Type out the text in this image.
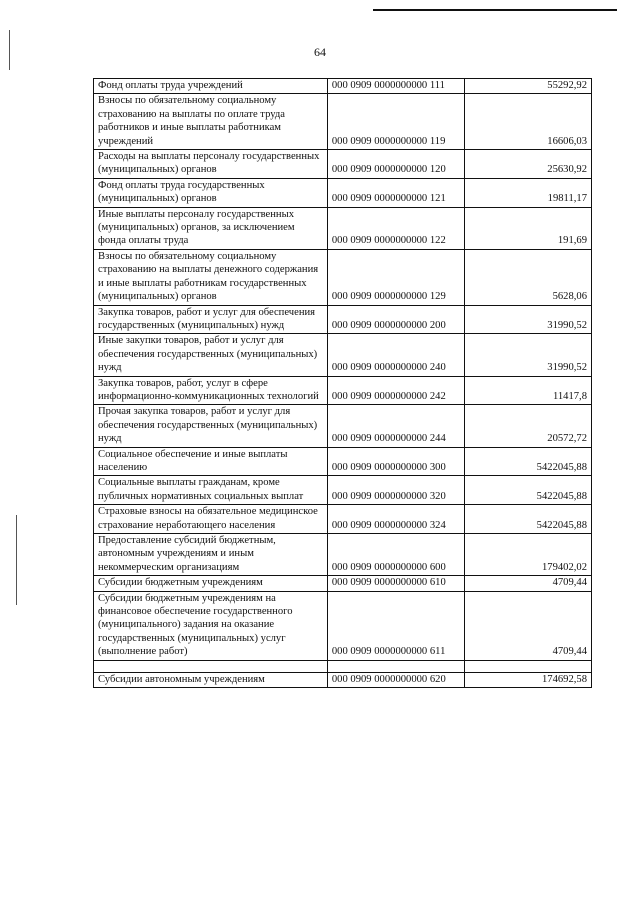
64
Фонд оплаты труда учреждений	000 0909 0000000000 111	55292,92
Взносы по обязательному социальному страхованию на выплаты по оплате труда работников и иные выплаты работникам учреждений	000 0909 0000000000 119	16606,03
Расходы на выплаты персоналу государственных (муниципальных) органов	000 0909 0000000000 120	25630,92
Фонд оплаты труда государственных (муниципальных) органов	000 0909 0000000000 121	19811,17
Иные выплаты персоналу государственных (муниципальных) органов, за исключением фонда оплаты труда	000 0909 0000000000 122	191,69
Взносы по обязательному социальному страхованию на выплаты денежного содержания и иные выплаты работникам государственных (муниципальных) органов	000 0909 0000000000 129	5628,06
Закупка товаров, работ и услуг для обеспечения государственных (муниципальных) нужд	000 0909 0000000000 200	31990,52
Иные закупки товаров, работ и услуг для обеспечения государственных (муниципальных) нужд	000 0909 0000000000 240	31990,52
Закупка товаров, работ, услуг в сфере информационно-коммуникационных технологий	000 0909 0000000000 242	11417,8
Прочая закупка товаров, работ и услуг для обеспечения государственных (муниципальных) нужд	000 0909 0000000000 244	20572,72
Социальное обеспечение и иные выплаты населению	000 0909 0000000000 300	5422045,88
Социальные выплаты гражданам, кроме публичных нормативных социальных выплат	000 0909 0000000000 320	5422045,88
Страховые взносы на обязательное медицинское страхование неработающего населения	000 0909 0000000000 324	5422045,88
Предоставление субсидий бюджетным, автономным учреждениям и иным некоммерческим организациям	000 0909 0000000000 600	179402,02
Субсидии бюджетным учреждениям	000 0909 0000000000 610	4709,44
Субсидии бюджетным учреждениям на финансовое обеспечение государственного (муниципального) задания на оказание государственных (муниципальных) услуг (выполнение работ)	000 0909 0000000000 611	4709,44

Субсидии автономным учреждениям	000 0909 0000000000 620	174692,58
